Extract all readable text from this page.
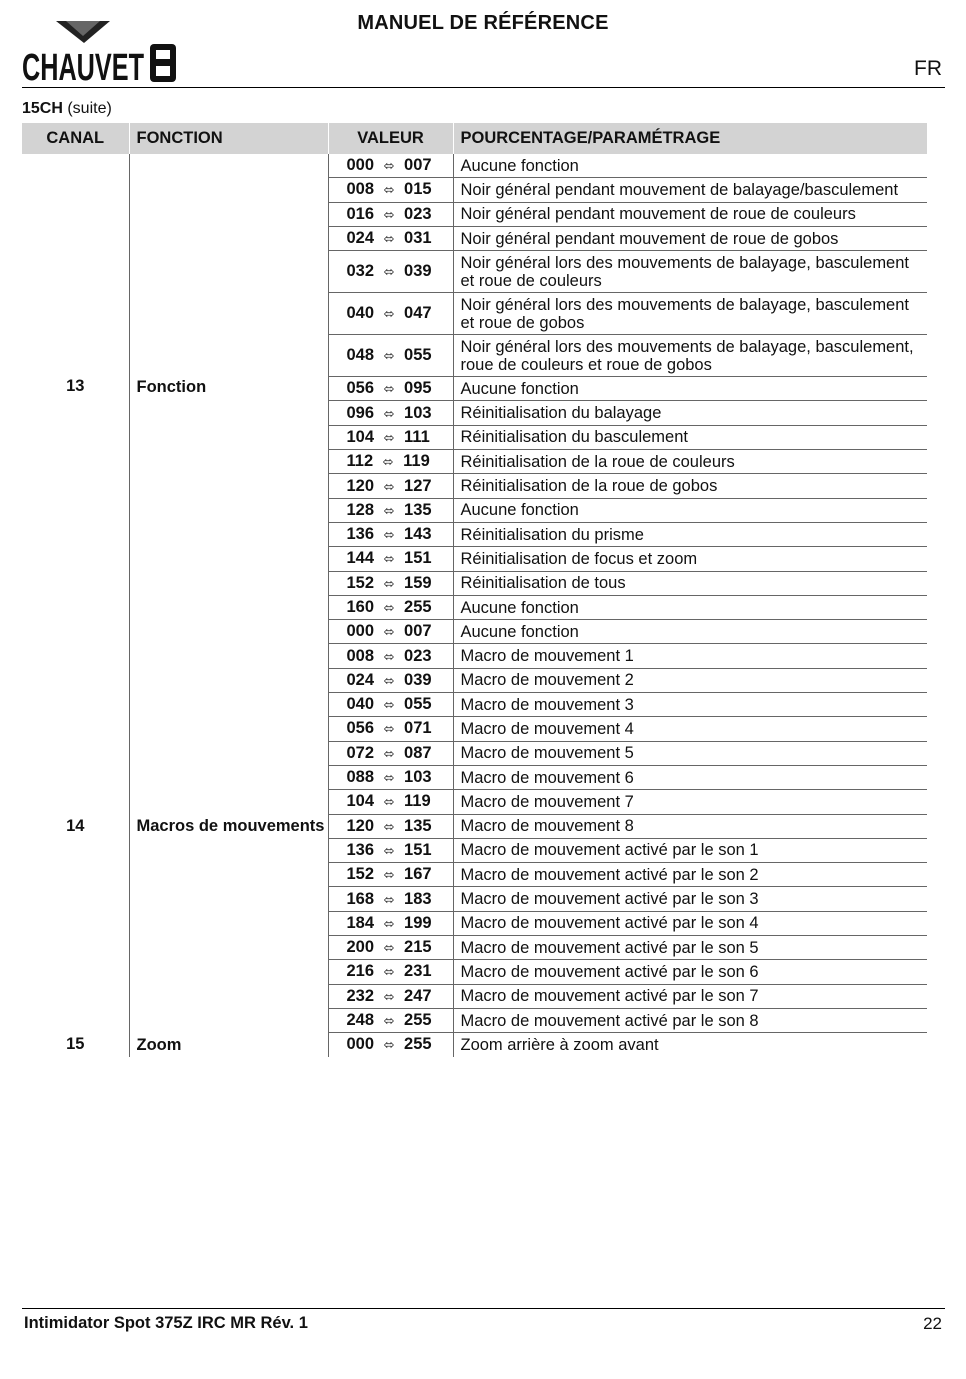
CHAUVET
MANUEL DE RÉFÉRENCE
FR
15CH (suite)
CANAL	FONCTION	VALEUR	POURCENTAGE/PARAMÉTRAGE
13	Fonction	000 ⬄ 007	Aucune fonction
		008 ⬄ 015	Noir général pendant mouvement de balayage/basculement
		016 ⬄ 023	Noir général pendant mouvement de roue de couleurs
		024 ⬄ 031	Noir général pendant mouvement de roue de gobos
		032 ⬄ 039	Noir général lors des mouvements de balayage, basculement et roue de couleurs
		040 ⬄ 047	Noir général lors des mouvements de balayage, basculement et roue de gobos
		048 ⬄ 055	Noir général lors des mouvements de balayage, basculement, roue de couleurs et roue de gobos
		056 ⬄ 095	Aucune fonction
		096 ⬄ 103	Réinitialisation du balayage
		104 ⬄ 111	Réinitialisation du basculement
		112 ⬄ 119	Réinitialisation de la roue de couleurs
		120 ⬄ 127	Réinitialisation de la roue de gobos
		128 ⬄ 135	Aucune fonction
		136 ⬄ 143	Réinitialisation du prisme
		144 ⬄ 151	Réinitialisation de focus et zoom
		152 ⬄ 159	Réinitialisation de tous
		160 ⬄ 255	Aucune fonction
14	Macros de mouvements	000 ⬄ 007	Aucune fonction
		008 ⬄ 023	Macro de mouvement 1
		024 ⬄ 039	Macro de mouvement 2
		040 ⬄ 055	Macro de mouvement 3
		056 ⬄ 071	Macro de mouvement 4
		072 ⬄ 087	Macro de mouvement 5
		088 ⬄ 103	Macro de mouvement 6
		104 ⬄ 119	Macro de mouvement 7
		120 ⬄ 135	Macro de mouvement 8
		136 ⬄ 151	Macro de mouvement activé par le son 1
		152 ⬄ 167	Macro de mouvement activé par le son 2
		168 ⬄ 183	Macro de mouvement activé par le son 3
		184 ⬄ 199	Macro de mouvement activé par le son 4
		200 ⬄ 215	Macro de mouvement activé par le son 5
		216 ⬄ 231	Macro de mouvement activé par le son 6
		232 ⬄ 247	Macro de mouvement activé par le son 7
		248 ⬄ 255	Macro de mouvement activé par le son 8
15	Zoom	000 ⬄ 255	Zoom arrière à zoom avant
Intimidator Spot 375Z IRC MR Rév. 1	22
